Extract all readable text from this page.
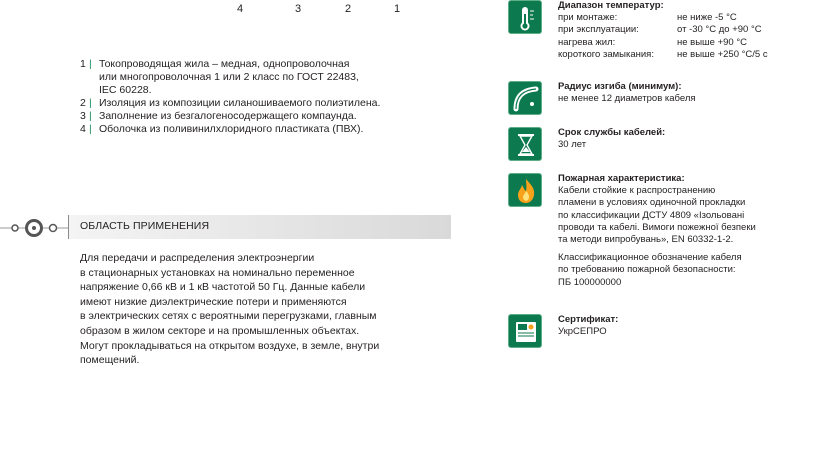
4	3	2	1
1 | Токопроводящая жила – медная, однопроволочная
или многопроволочная 1 или 2 класс по ГОСТ 22483,
IEC 60228.
2 | Изоляция из композиции силаношиваемого полиэтилена.
3 | Заполнение из безгалогеносодержащего компаунда.
4 | Оболочка из поливинилхлоридного пластиката (ПВХ).
ОБЛАСТЬ ПРИМЕНЕНИЯ

Для передачи и распределения электроэнергии
в стационарных установках на номинально переменное
напряжение 0,66 кВ и 1 кВ частотой 50 Гц. Данные кабели
имеют низкие диэлектрические потери и применяются
в электрических сетях с вероятными перегрузками, главным
образом в жилом секторе и на промышленных объектах.
Могут прокладываться на открытом воздухе, в земле, внутри
помещений.

Диапазон температур:
при монтаже:	не ниже -5 °С
при эксплуатации:	от -30 °С до +90 °С
нагрева жил:	не выше +90 °С
короткого замыкания:	не выше +250 °С/5 с
Радиус изгиба (минимум):
не менее 12 диаметров кабеля
Срок службы кабелей:
30 лет
Пожарная характеристика:
Кабели стойкие к распространению
пламени в условиях одиночной прокладки
по классификации ДСТУ 4809 «Ізольовані
проводи та кабелі. Вимоги пожежної безпеки
та методи випробувань», EN 60332-1-2.
Классификационное обозначение кабеля
по требованию пожарной безопасности:
ПБ 100000000
Сертификат:
УкрСЕПРО
